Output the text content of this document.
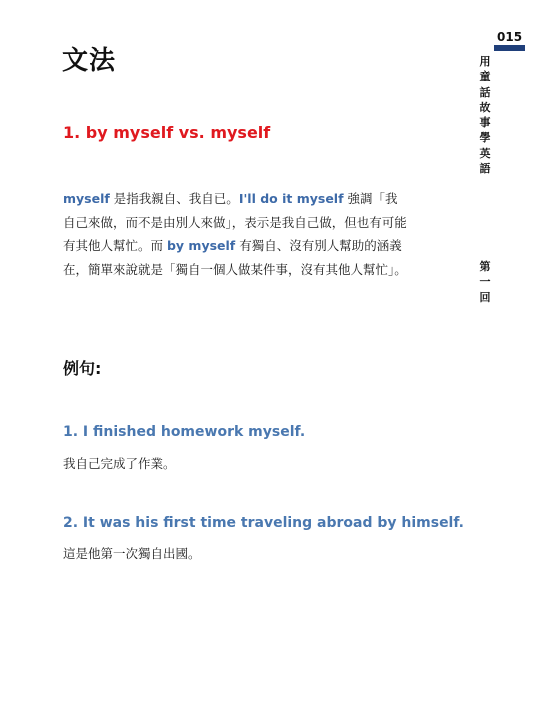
文法
1. by myself vs. myself
myself 是指我親自、我自已。I'll do it myself 強調「我自己來做，而不是由別人來做」，表示是我自己做，但也有可能有其他人幫忙。而 by myself 有獨自、沒有別人幫助的涵義在，簡單來說就是「獨自一個人做某件事，沒有其他人幫忙」。
例句:
1. I finished homework myself.
我自己完成了作業。
2. It was his first time traveling abroad by himself.
這是他第一次獨自出國。
015
用童話故事學英語
第一回
